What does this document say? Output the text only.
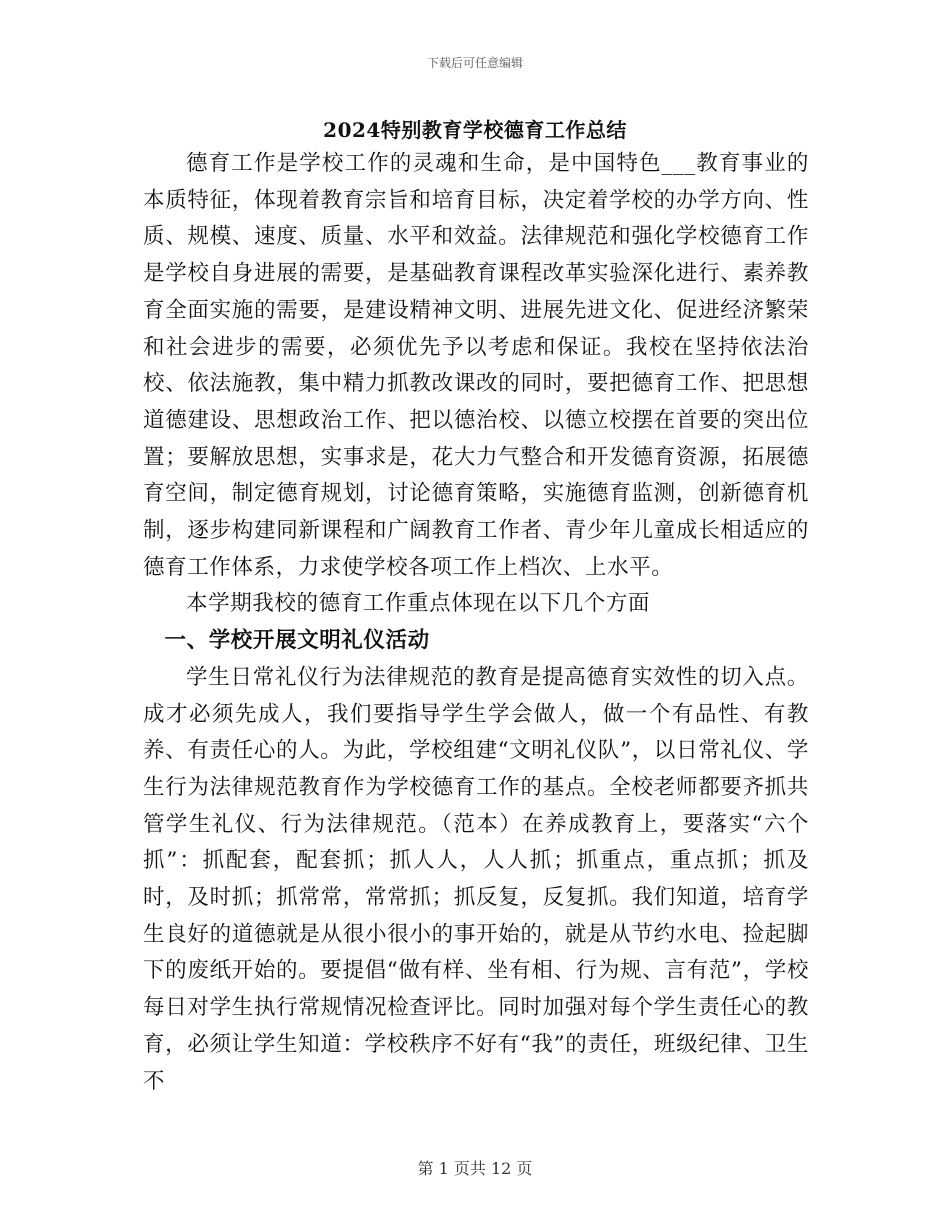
下载后可任意编辑
2024特别教育学校德育工作总结

德育工作是学校工作的灵魂和生命，是中国特色___教育事业的本质特征，体现着教育宗旨和培育目标，决定着学校的办学方向、性质、规模、速度、质量、水平和效益。法律规范和强化学校德育工作是学校自身进展的需要，是基础教育课程改革实验深化进行、素养教育全面实施的需要，是建设精神文明、进展先进文化、促进经济繁荣和社会进步的需要，必须优先予以考虑和保证。我校在坚持依法治校、依法施教，集中精力抓教改课改的同时，要把德育工作、把思想道德建设、思想政治工作、把以德治校、以德立校摆在首要的突出位置；要解放思想，实事求是，花大力气整合和开发德育资源，拓展德育空间，制定德育规划，讨论德育策略，实施德育监测，创新德育机制，逐步构建同新课程和广阔教育工作者、青少年儿童成长相适应的德育工作体系，力求使学校各项工作上档次、上水平。

本学期我校的德育工作重点体现在以下几个方面

一、学校开展文明礼仪活动

学生日常礼仪行为法律规范的教育是提高德育实效性的切入点。成才必须先成人，我们要指导学生学会做人，做一个有品性、有教养、有责任心的人。为此，学校组建“文明礼仪队”，以日常礼仪、学生行为法律规范教育作为学校德育工作的基点。全校老师都要齐抓共管学生礼仪、行为法律规范。（范本）在养成教育上，要落实“六个抓”：抓配套，配套抓；抓人人，人人抓；抓重点，重点抓；抓及时，及时抓；抓常常，常常抓；抓反复，反复抓。我们知道，培育学生良好的道德就是从很小很小的事开始的，就是从节约水电、捡起脚下的废纸开始的。要提倡“做有样、坐有相、行为规、言有范”，学校每日对学生执行常规情况检查评比。同时加强对每个学生责任心的教育，必须让学生知道：学校秩序不好有“我”的责任，班级纪律、卫生不

第 1 页共 12 页
